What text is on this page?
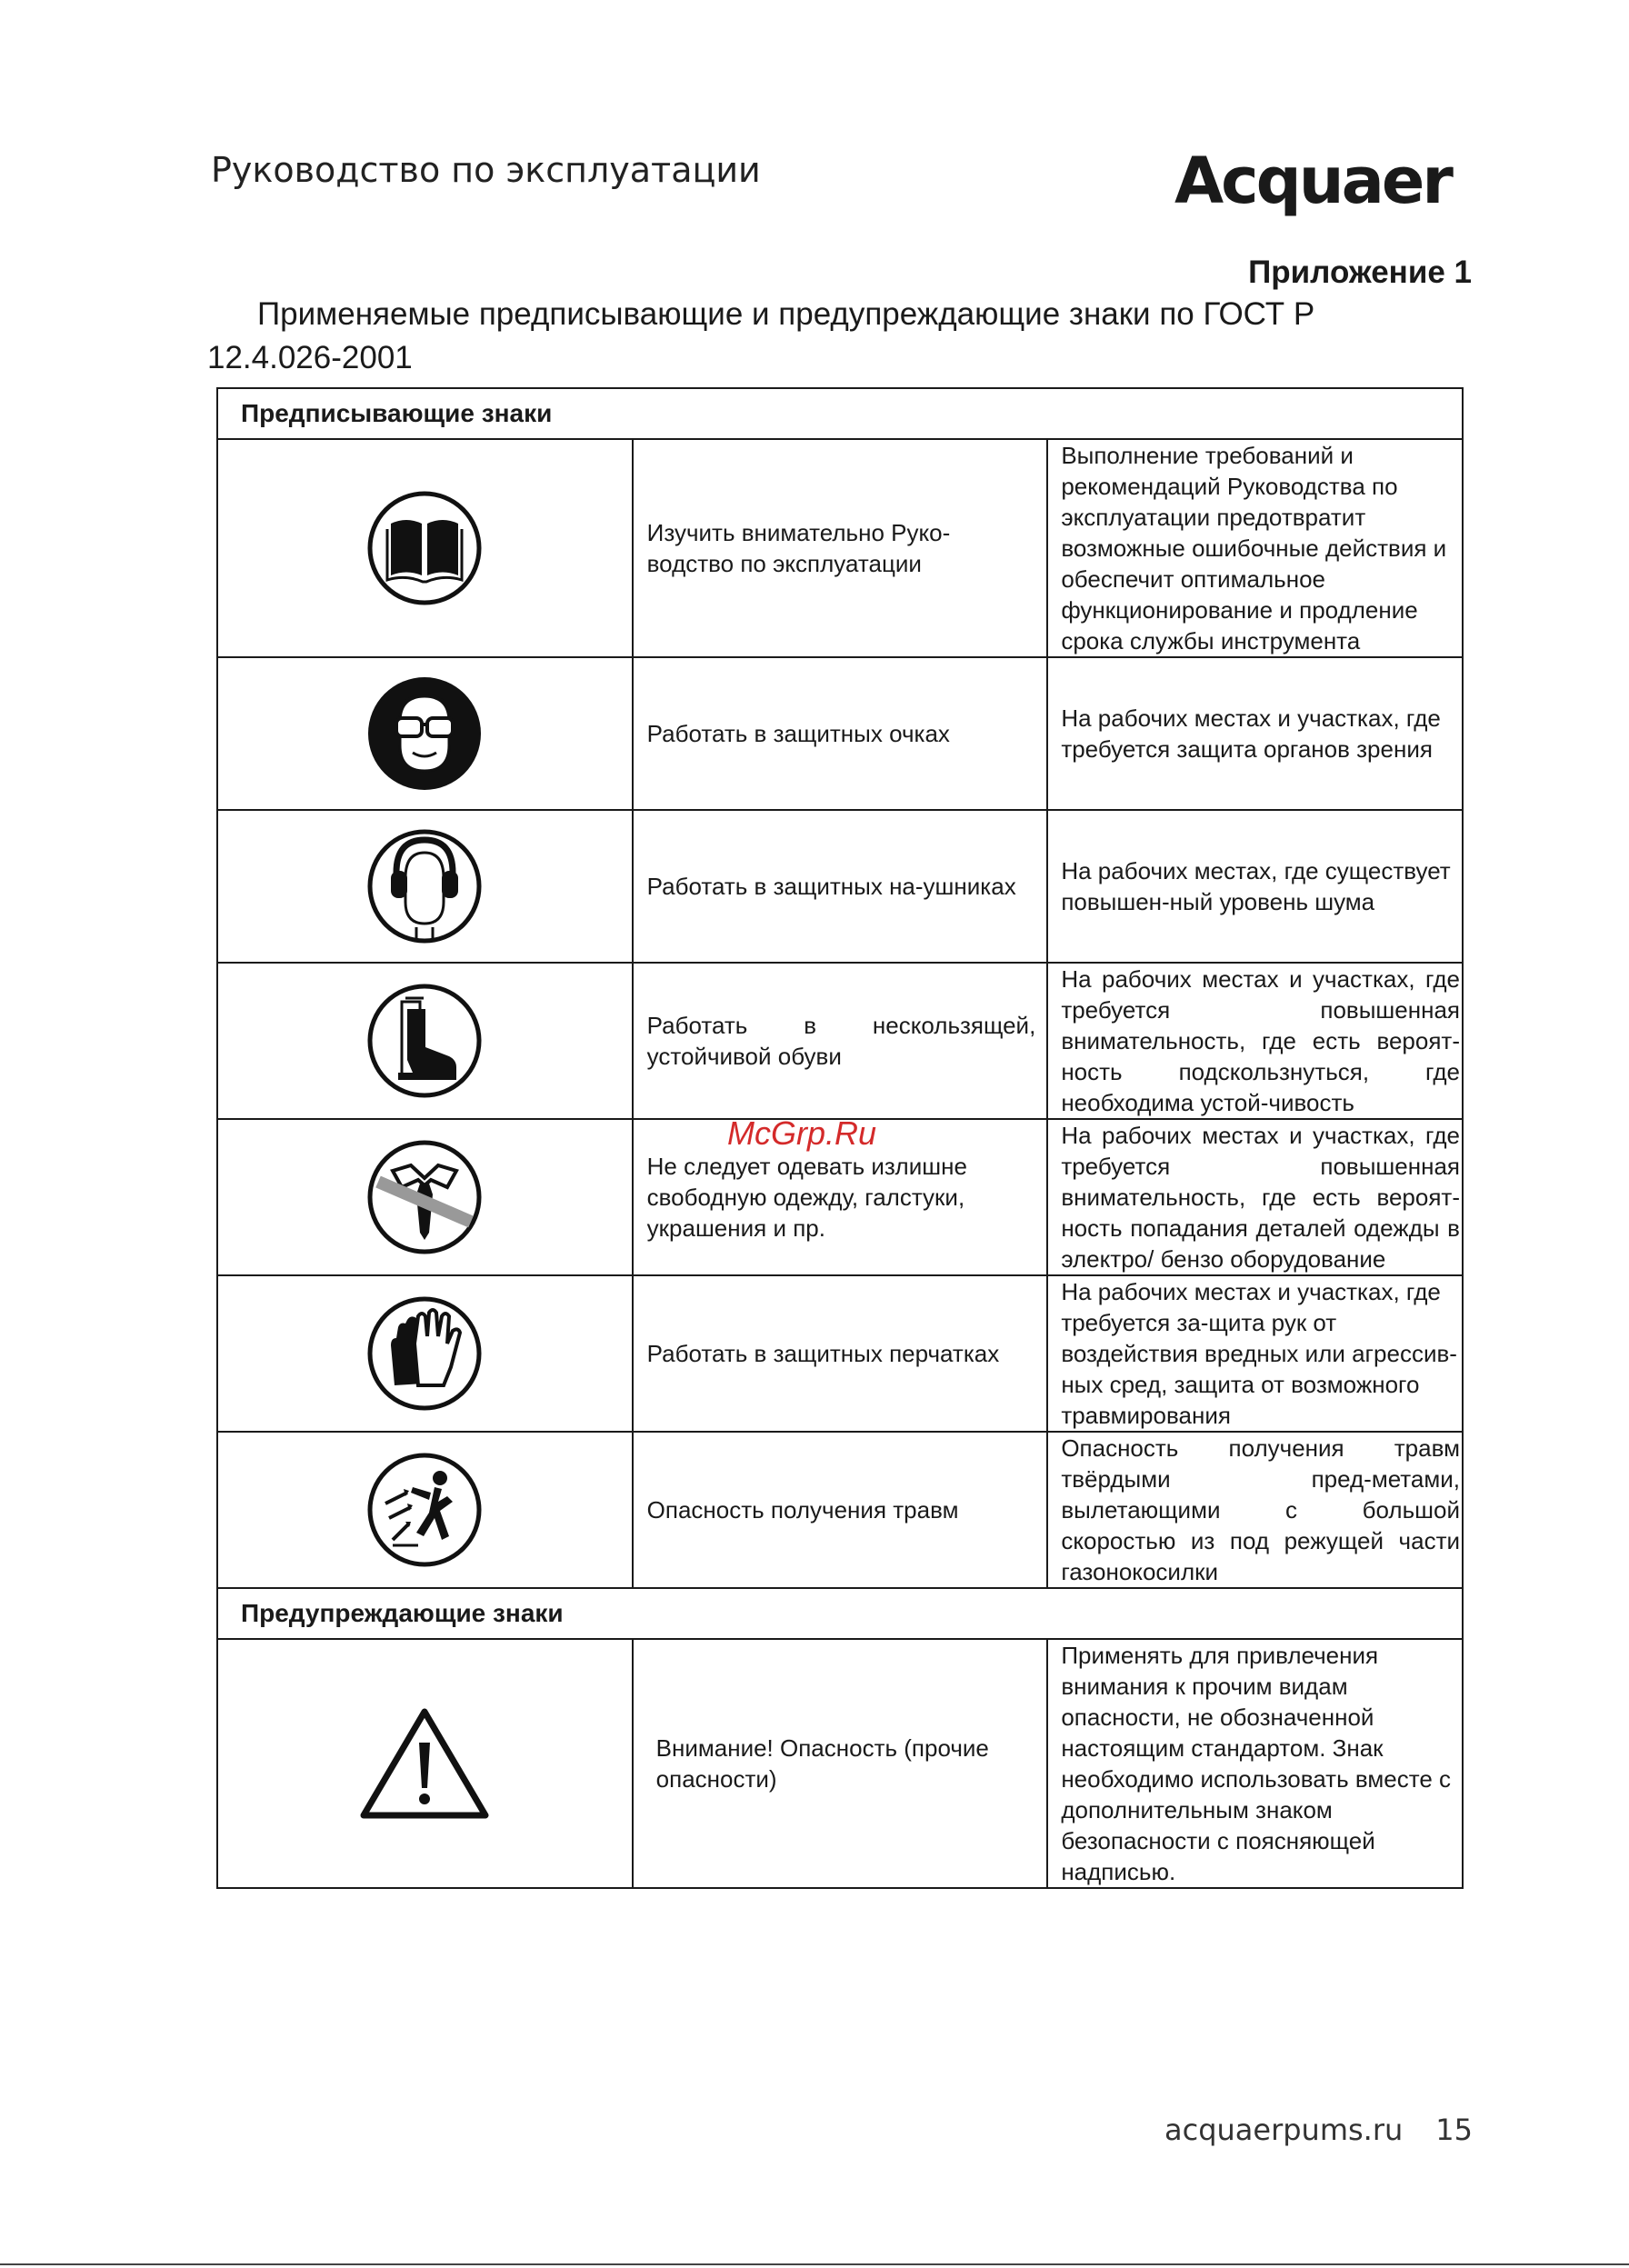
Руководство по эксплуатации	Acquaer
Приложение 1
Применяемые предписывающие и предупреждающие знаки по ГОСТ Р
12.4.026-2001
Предписывающие знаки		

	Изучить внимательно Руко-водство по эксплуатации	Выполнение требований и рекомендаций Руководства по эксплуатации предотвратит возможные ошибочные действия и обеспечит оптимальное функционирование и продление срока службы инструмента

	Работать в защитных очках	На рабочих местах и участках, где требуется защита органов зрения

	Работать в защитных на-ушниках	На рабочих местах, где существует повышен-ный уровень шума

	Работать в нескользящей, устойчивой обуви	На рабочих местах и участках, где требуется повышенная внимательность, где есть вероят-ность подскользнуться, где необходима устой-чивость

	Не следует одевать излишне свободную одежду, галстуки, украшения и пр.	На рабочих местах и участках, где требуется повышенная внимательность, где есть вероят-ность попадания деталей одежды в электро/ бензо оборудование

	Работать в защитных перчатках	На рабочих местах и участках, где требуется за-щита рук от воздействия вредных или агрессив-ных сред, защита от возможного травмирования

	Опасность получения травм	Опасность получения травм твёрдыми пред-метами, вылетающими с большой скоростью из под режущей части газонокосилки
Предупреждающие знаки		

	Внимание! Опасность (прочие опасности)	Применять для привлечения внимания к прочим видам опасности, не обозначенной настоящим стандартом. Знак необходимо использовать вместе с дополнительным знаком безопасности с поясняющей надписью.
McGrp.Ru
acquaerpums.ru 15
